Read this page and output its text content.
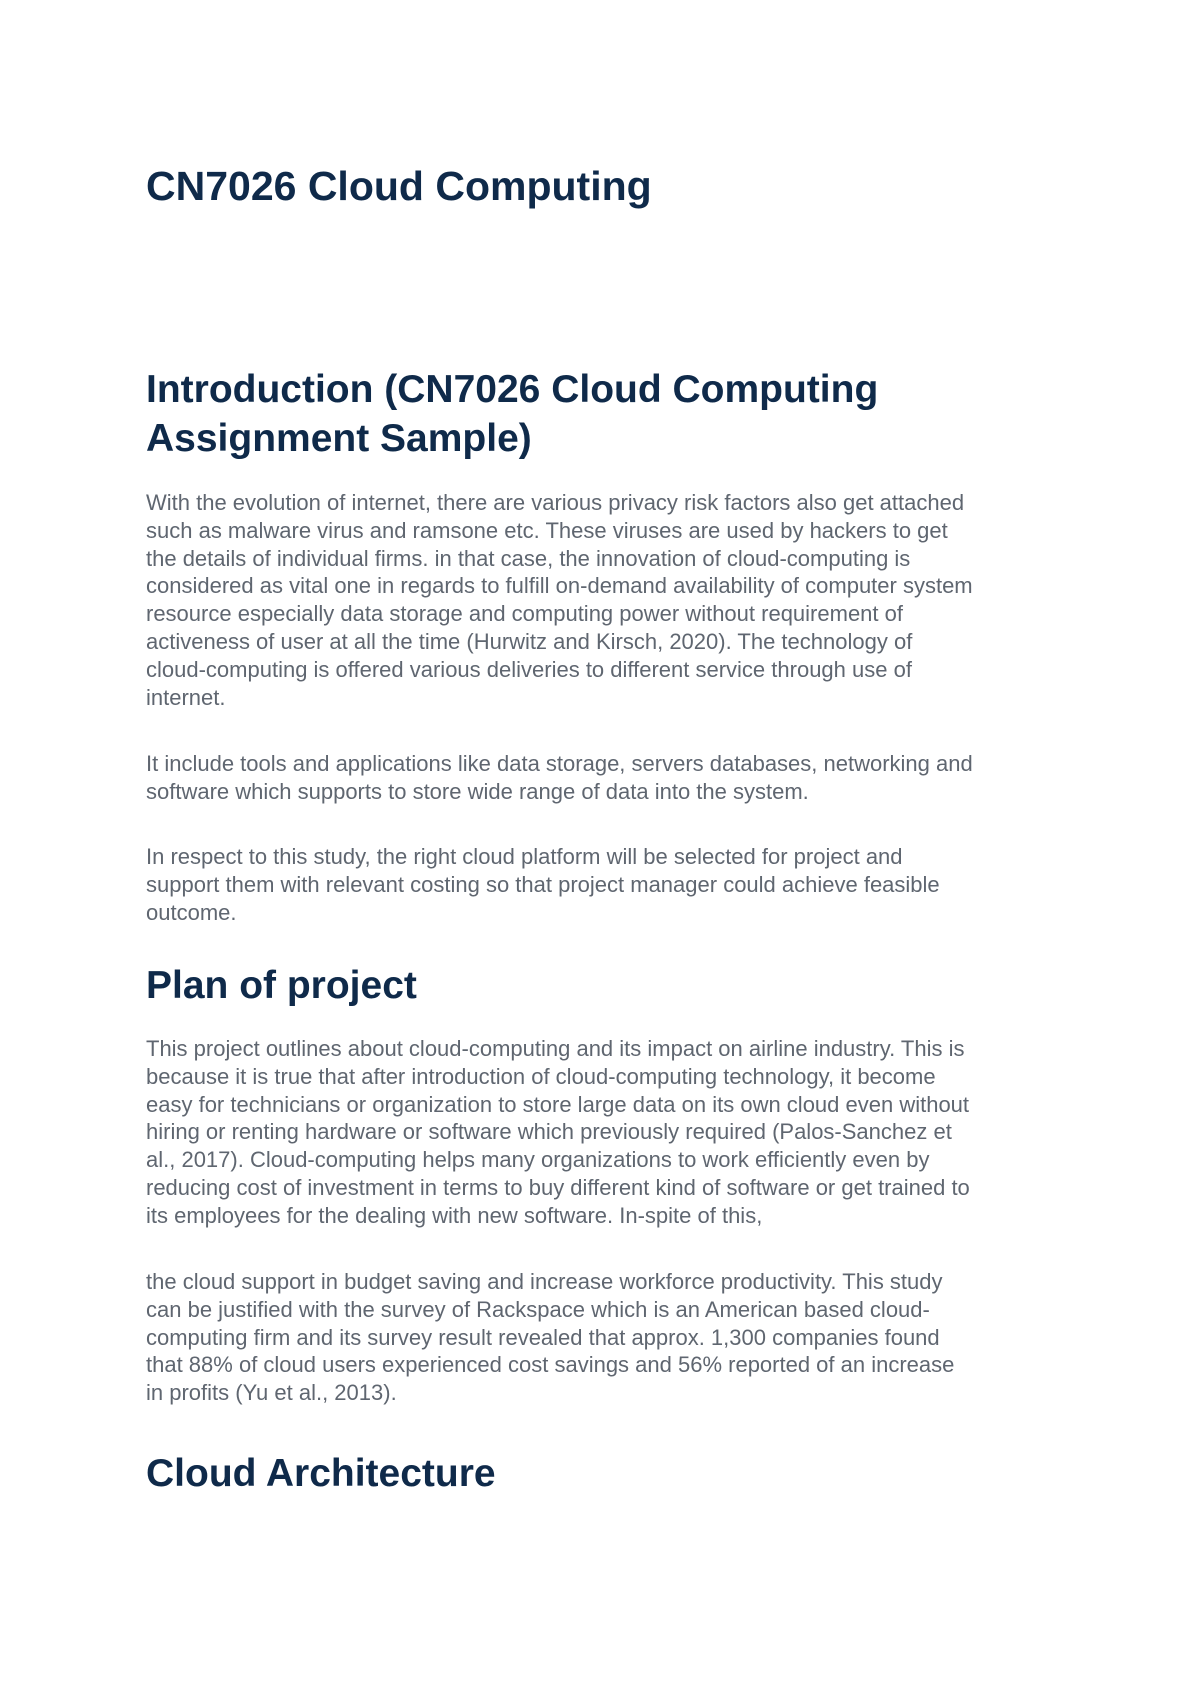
CN7026 Cloud Computing
Introduction (CN7026 Cloud Computing
Assignment Sample)

With the evolution of internet, there are various privacy risk factors also get attached
such as malware virus and ramsone etc. These viruses are used by hackers to get
the details of individual firms. in that case, the innovation of cloud-computing is
considered as vital one in regards to fulfill on-demand availability of computer system
resource especially data storage and computing power without requirement of
activeness of user at all the time (Hurwitz and Kirsch, 2020). The technology of
cloud-computing is offered various deliveries to different service through use of
internet.

It include tools and applications like data storage, servers databases, networking and
software which supports to store wide range of data into the system.

In respect to this study, the right cloud platform will be selected for project and
support them with relevant costing so that project manager could achieve feasible
outcome.

Plan of project

This project outlines about cloud-computing and its impact on airline industry. This is
because it is true that after introduction of cloud-computing technology, it become
easy for technicians or organization to store large data on its own cloud even without
hiring or renting hardware or software which previously required (Palos-Sanchez et
al., 2017). Cloud-computing helps many organizations to work efficiently even by
reducing cost of investment in terms to buy different kind of software or get trained to
its employees for the dealing with new software. In-spite of this,

the cloud support in budget saving and increase workforce productivity. This study
can be justified with the survey of Rackspace which is an American based cloud-
computing firm and its survey result revealed that approx. 1,300 companies found
that 88% of cloud users experienced cost savings and 56% reported of an increase
in profits (Yu et al., 2013).

Cloud Architecture
